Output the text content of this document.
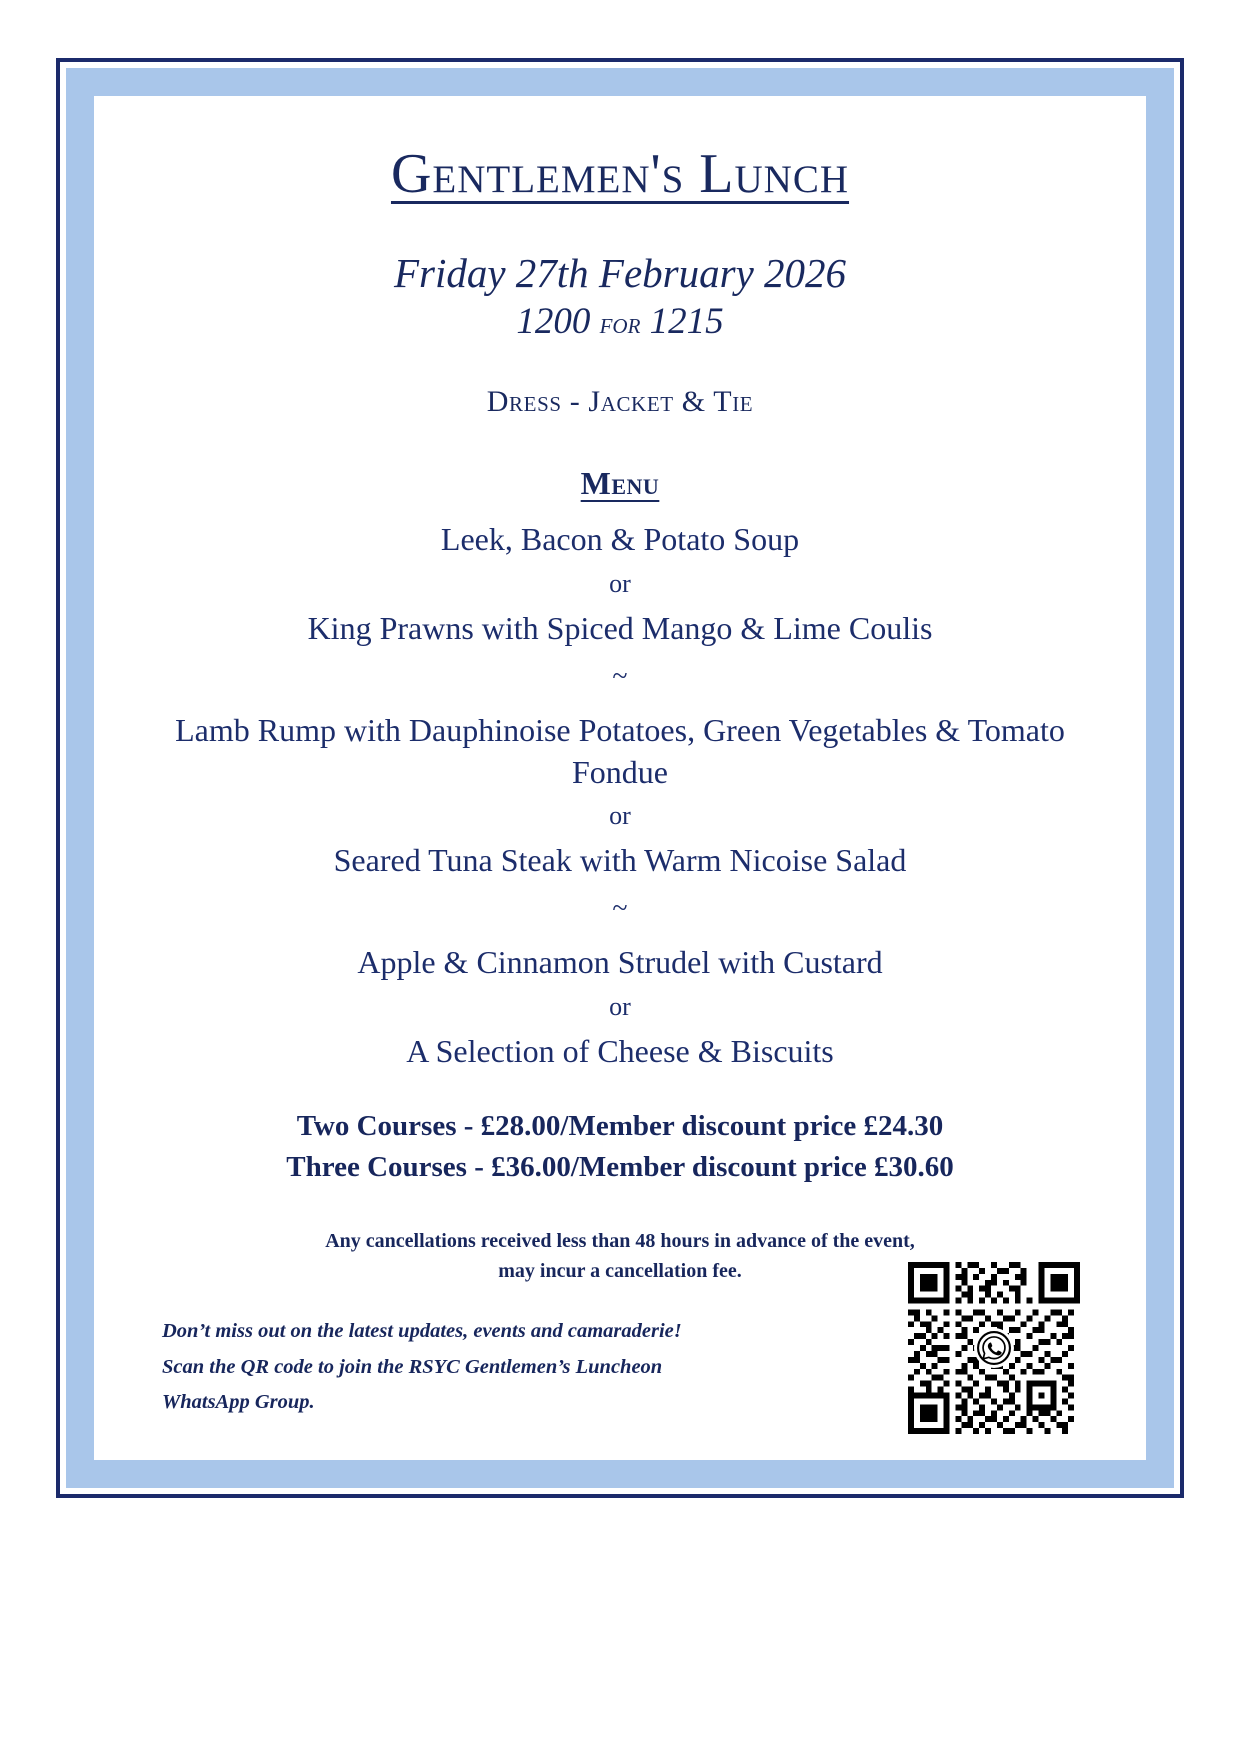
Gentlemen's Lunch
Friday 27th February 2026
1200 for 1215
Dress - Jacket & Tie
Menu
Leek, Bacon & Potato Soup
or
King Prawns with Spiced Mango & Lime Coulis
~
Lamb Rump with Dauphinoise Potatoes, Green Vegetables & Tomato Fondue
or
Seared Tuna Steak with Warm Nicoise Salad
~
Apple & Cinnamon Strudel with Custard
or
A Selection of Cheese & Biscuits
Two Courses - £28.00/Member discount price £24.30
Three Courses - £36.00/Member discount price £30.60
Any cancellations received less than 48 hours in advance of the event,
may incur a cancellation fee.
Don’t miss out on the latest updates, events and camaraderie!
Scan the QR code to join the RSYC Gentlemen’s Luncheon
WhatsApp Group.
